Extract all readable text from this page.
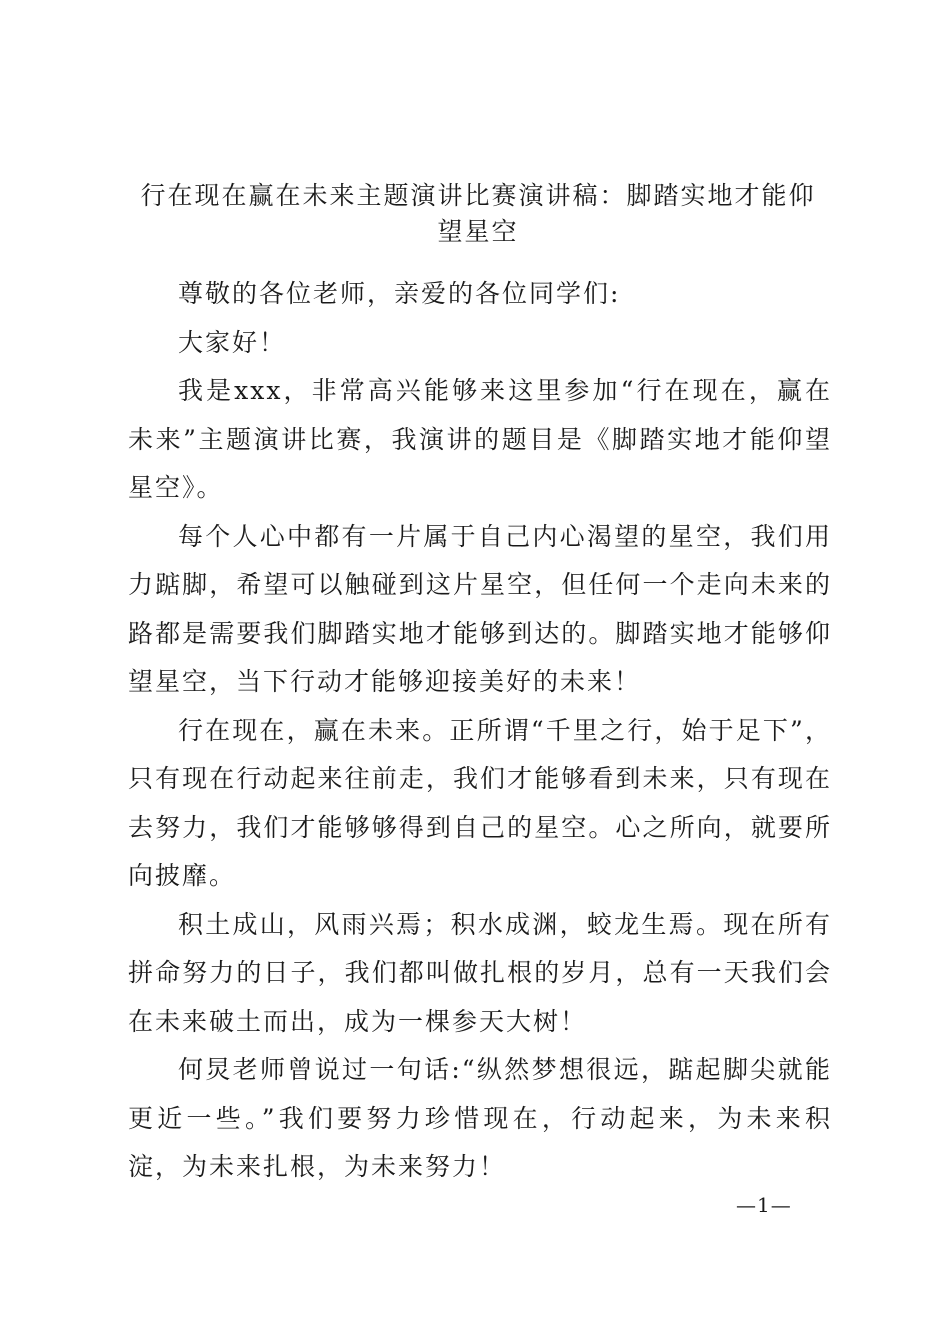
行在现在赢在未来主题演讲比赛演讲稿：脚踏实地才能仰望星空

尊敬的各位老师，亲爱的各位同学们:

大家好！

我是xxx，非常高兴能够来这里参加“行在现在，赢在未来”主题演讲比赛，我演讲的题目是《脚踏实地才能仰望星空》。

每个人心中都有一片属于自己内心渴望的星空，我们用力踮脚，希望可以触碰到这片星空，但任何一个走向未来的路都是需要我们脚踏实地才能够到达的。脚踏实地才能够仰望星空，当下行动才能够迎接美好的未来！

行在现在，赢在未来。正所谓“千里之行，始于足下”，只有现在行动起来往前走，我们才能够看到未来，只有现在去努力，我们才能够够得到自己的星空。心之所向，就要所向披靡。

积土成山，风雨兴焉；积水成渊，蛟龙生焉。现在所有拼命努力的日子，我们都叫做扎根的岁月，总有一天我们会在未来破土而出，成为一棵参天大树！

何炅老师曾说过一句话:“纵然梦想很远，踮起脚尖就能更近一些。”我们要努力珍惜现在，行动起来，为未来积淀，为未来扎根，为未来努力！

—1—
